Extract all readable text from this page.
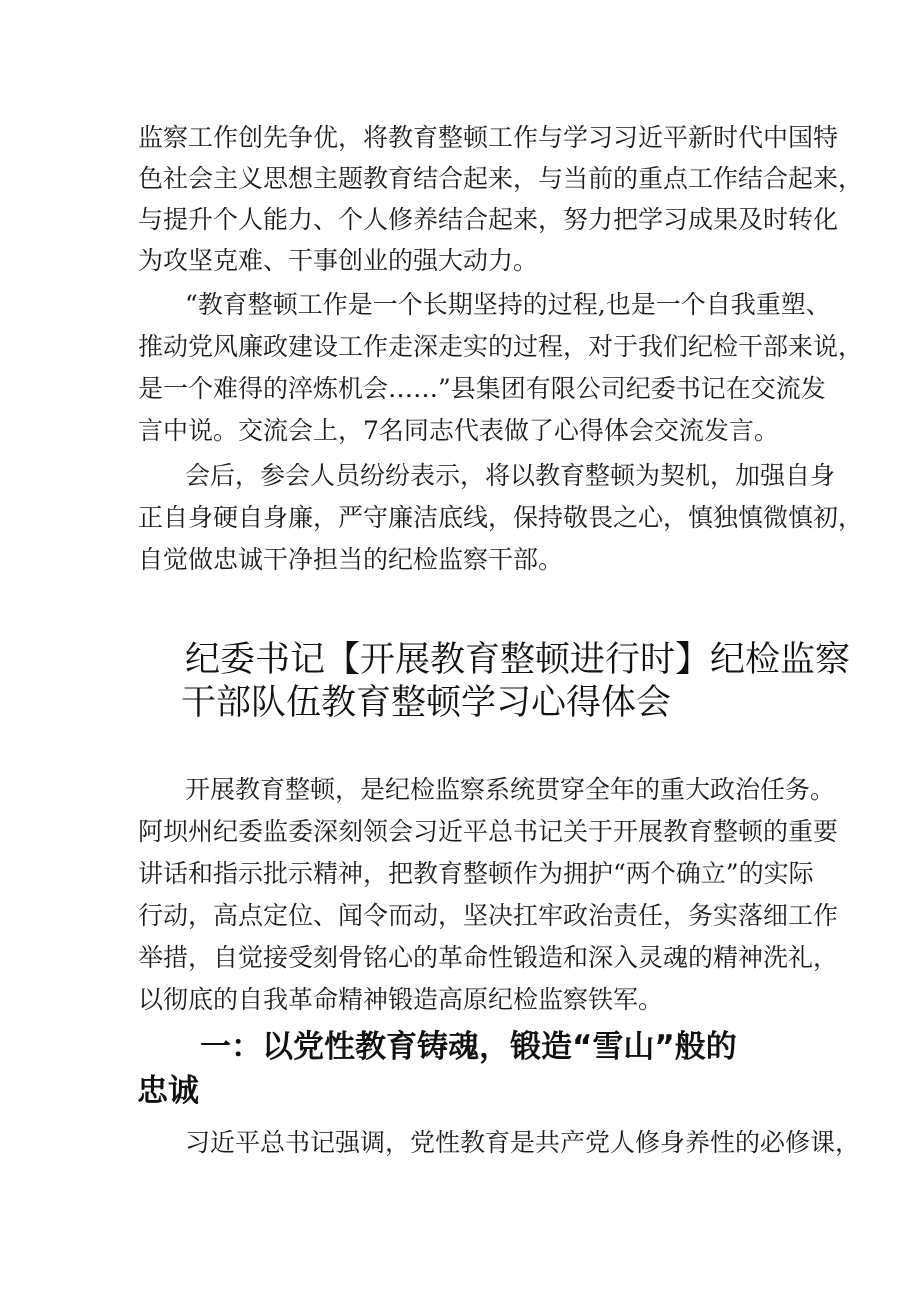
监察工作创先争优，将教育整顿工作与学习习近平新时代中国特
色社会主义思想主题教育结合起来，与当前的重点工作结合起来，
与提升个人能力、个人修养结合起来，努力把学习成果及时转化
为攻坚克难、干事创业的强大动力。
“教育整顿工作是一个长期坚持的过程,也是一个自我重塑、
推动党风廉政建设工作走深走实的过程，对于我们纪检干部来说，
是一个难得的淬炼机会……”县集团有限公司纪委书记在交流发
言中说。交流会上，7名同志代表做了心得体会交流发言。
会后，参会人员纷纷表示，将以教育整顿为契机，加强自身
正自身硬自身廉，严守廉洁底线，保持敬畏之心，慎独慎微慎初，
自觉做忠诚干净担当的纪检监察干部。
纪委书记【开展教育整顿进行时】纪检监察
干部队伍教育整顿学习心得体会
开展教育整顿，是纪检监察系统贯穿全年的重大政治任务。
阿坝州纪委监委深刻领会习近平总书记关于开展教育整顿的重要
讲话和指示批示精神，把教育整顿作为拥护“两个确立”的实际
行动，高点定位、闻令而动，坚决扛牢政治责任，务实落细工作
举措，自觉接受刻骨铭心的革命性锻造和深入灵魂的精神洗礼，
以彻底的自我革命精神锻造高原纪检监察铁军。
一：以党性教育铸魂，锻造“雪山”般的
忠诚
习近平总书记强调，党性教育是共产党人修身养性的必修课，
